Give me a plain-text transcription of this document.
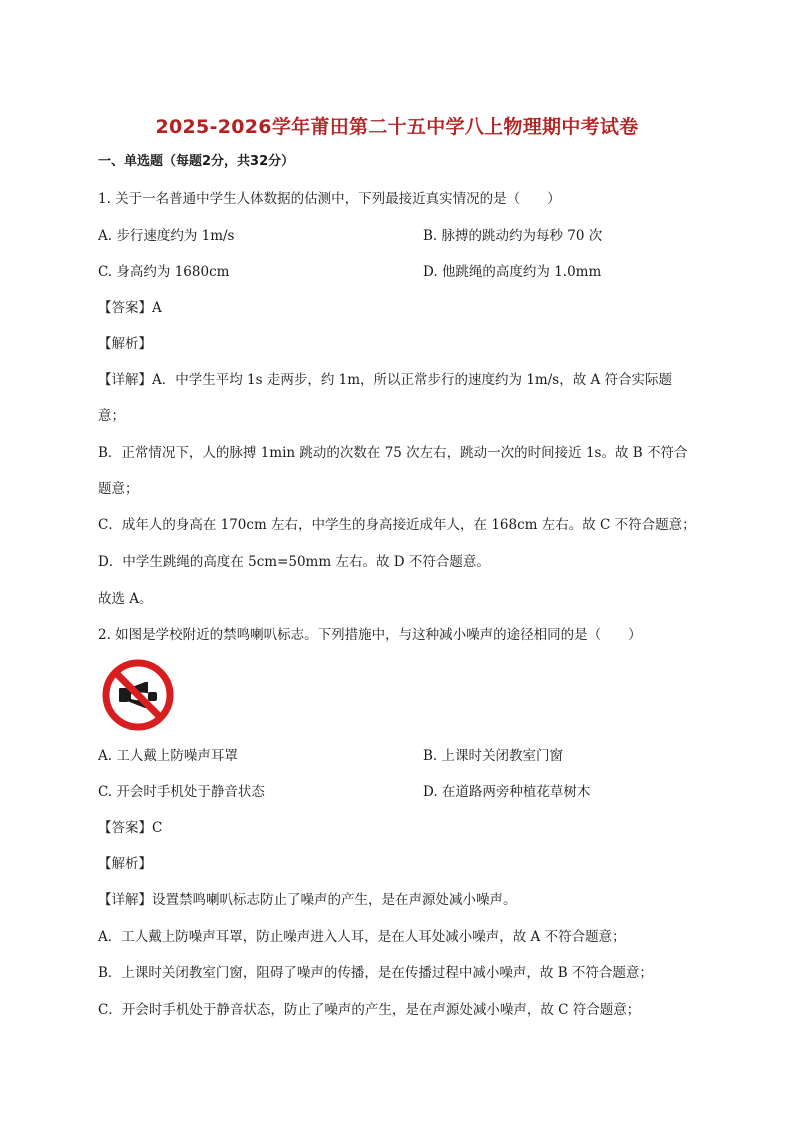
2025-2026学年莆田第二十五中学八上物理期中考试卷
一、单选题（每题2分，共32分）
1. 关于一名普通中学生人体数据的估测中，下列最接近真实情况的是（　　）
A. 步行速度约为 1m/s	B. 脉搏的跳动约为每秒 70 次
C. 身高约为 1680cm	D. 他跳绳的高度约为 1.0mm
【答案】A
【解析】
【详解】A．中学生平均 1s 走两步，约 1m，所以正常步行的速度约为 1m/s，故 A 符合实际题
意；
B．正常情况下，人的脉搏 1min 跳动的次数在 75 次左右，跳动一次的时间接近 1s。故 B 不符合
题意；
C．成年人的身高在 170cm 左右，中学生的身高接近成年人，在 168cm 左右。故 C 不符合题意；
D．中学生跳绳的高度在 5cm=50mm 左右。故 D 不符合题意。
故选 A。
2. 如图是学校附近的禁鸣喇叭标志。下列措施中，与这种减小噪声的途径相同的是（　　）
A. 工人戴上防噪声耳罩	B. 上课时关闭教室门窗
C. 开会时手机处于静音状态	D. 在道路两旁种植花草树木
【答案】C
【解析】
【详解】设置禁鸣喇叭标志防止了噪声的产生，是在声源处减小噪声。
A．工人戴上防噪声耳罩，防止噪声进入人耳，是在人耳处减小噪声，故 A 不符合题意；
B．上课时关闭教室门窗，阻碍了噪声的传播，是在传播过程中减小噪声，故 B 不符合题意；
C．开会时手机处于静音状态，防止了噪声的产生，是在声源处减小噪声，故 C 符合题意；
